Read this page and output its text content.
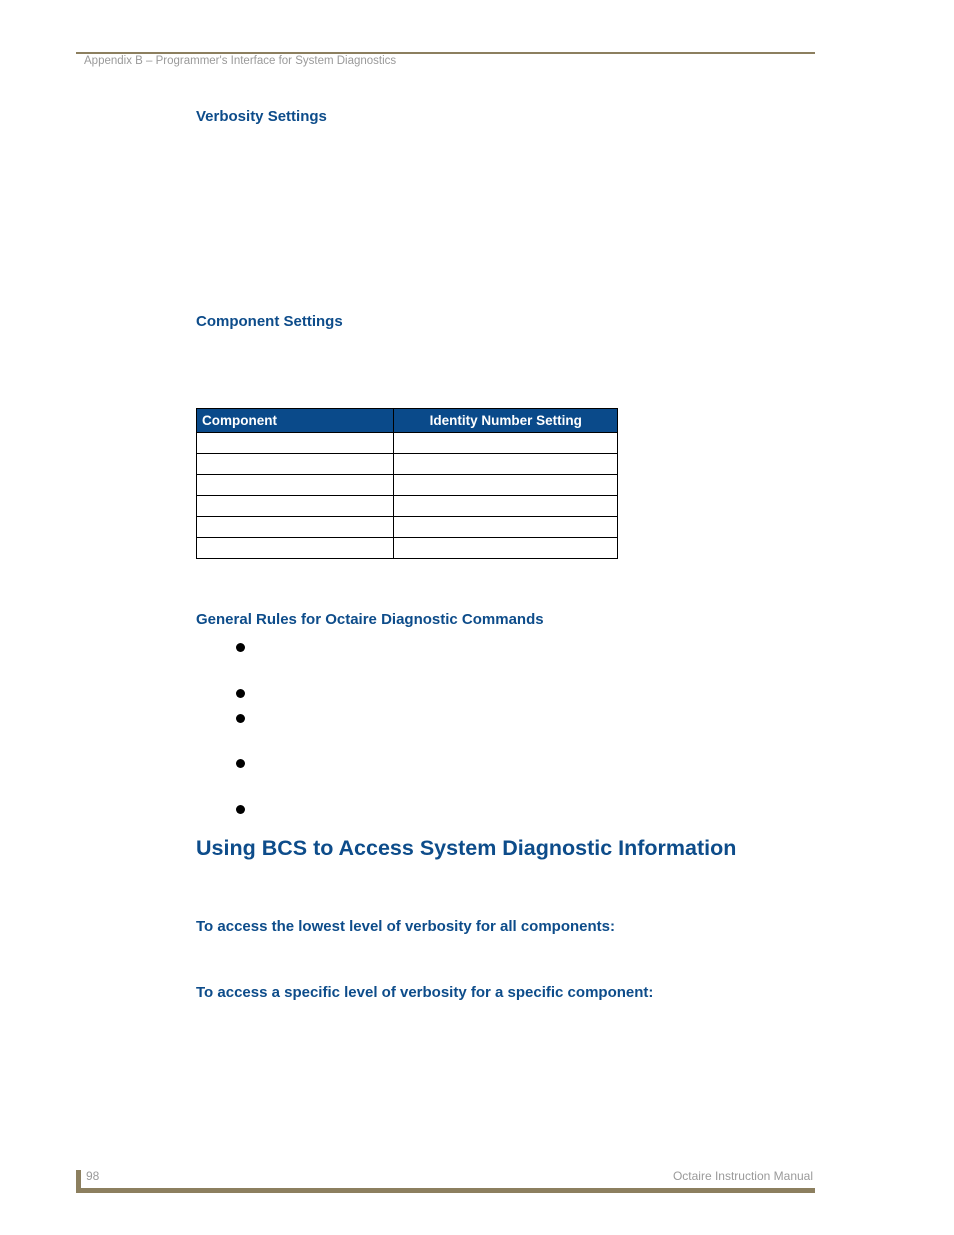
Appendix B – Programmer's Interface for System Diagnostics
Verbosity Settings
Component Settings
Component	Identity Number Setting

General Rules for Octaire Diagnostic Commands
Using BCS to Access System Diagnostic Information
To access the lowest level of verbosity for all components:
To access a specific level of verbosity for a specific component:
98	Octaire Instruction Manual
